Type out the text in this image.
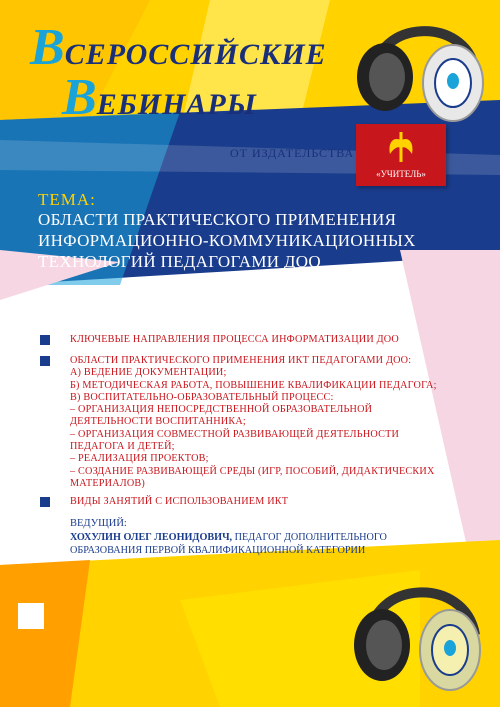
ВСЕРОССИЙСКИЕ
ВЕБИНАРЫ
ОТ ИЗДАТЕЛЬСТВА
«УЧИТЕЛЬ»
ТЕМА:
ОБЛАСТИ ПРАКТИЧЕСКОГО ПРИМЕНЕНИЯ
ИНФОРМАЦИОННО-КОММУНИКАЦИОННЫХ
ТЕХНОЛОГИЙ ПЕДАГОГАМИ ДОО
КЛЮЧЕВЫЕ НАПРАВЛЕНИЯ ПРОЦЕССА ИНФОРМАТИЗАЦИИ ДОО
ОБЛАСТИ ПРАКТИЧЕСКОГО ПРИМЕНЕНИЯ ИКТ ПЕДАГОГАМИ ДОО:
А) ВЕДЕНИЕ ДОКУМЕНТАЦИИ;
Б) МЕТОДИЧЕСКАЯ РАБОТА, ПОВЫШЕНИЕ КВАЛИФИКАЦИИ ПЕДАГОГА;
В) ВОСПИТАТЕЛЬНО-ОБРАЗОВАТЕЛЬНЫЙ ПРОЦЕСС:
– ОРГАНИЗАЦИЯ НЕПОСРЕДСТВЕННОЙ ОБРАЗОВАТЕЛЬНОЙ
ДЕЯТЕЛЬНОСТИ ВОСПИТАННИКА;
– ОРГАНИЗАЦИЯ СОВМЕСТНОЙ РАЗВИВАЮЩЕЙ ДЕЯТЕЛЬНОСТИ
ПЕДАГОГА И ДЕТЕЙ;
– РЕАЛИЗАЦИЯ ПРОЕКТОВ;
– СОЗДАНИЕ РАЗВИВАЮЩЕЙ СРЕДЫ (ИГР, ПОСОБИЙ, ДИДАКТИЧЕСКИХ
МАТЕРИАЛОВ)
ВИДЫ ЗАНЯТИЙ С ИСПОЛЬЗОВАНИЕМ ИКТ
ВЕДУЩИЙ:
ХОХУЛИН ОЛЕГ ЛЕОНИДОВИЧ, ПЕДАГОГ ДОПОЛНИТЕЛЬНОГО ОБРАЗОВАНИЯ ПЕРВОЙ КВАЛИФИКАЦИОННОЙ КАТЕГОРИИ
